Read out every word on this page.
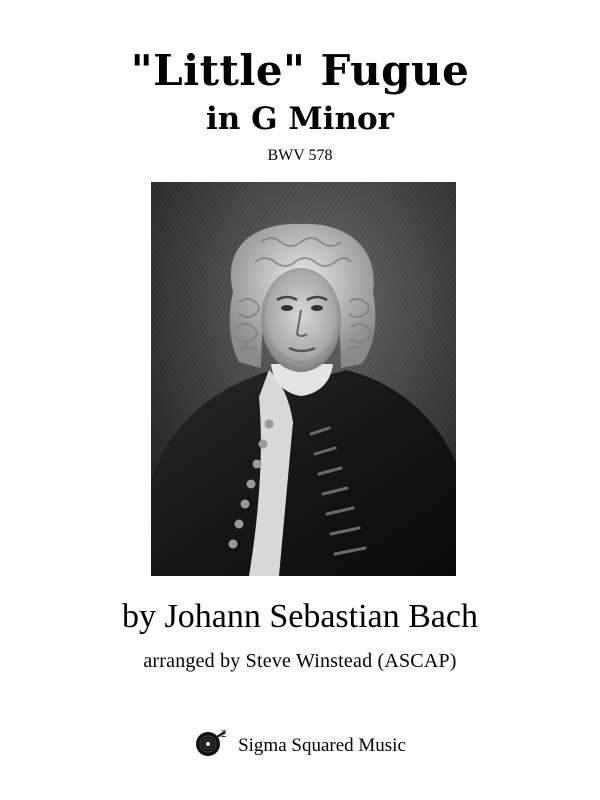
"Little" Fugue
in G Minor
BWV 578
by Johann Sebastian Bach
arranged by Steve Winstead (ASCAP)
2
Sigma Squared Music
